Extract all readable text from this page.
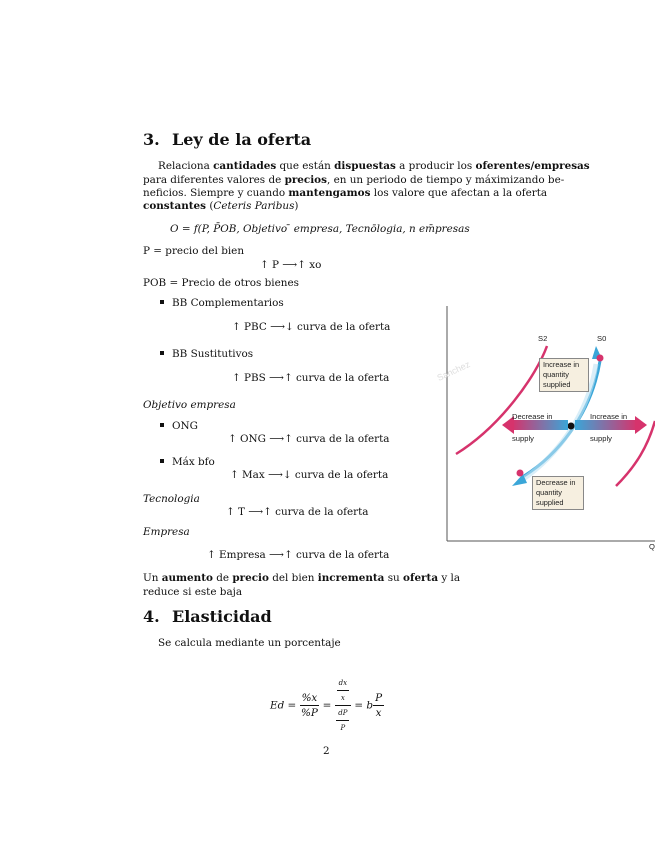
3. Ley de la oferta
Relaciona cantidades que están dispuestas a producir los oferentes/empresas
para diferentes valores de precios, en un periodo de tiempo y máximizando be-
neficios. Siempre y cuando mantengamos los valore que afectan a la oferta
constantes (Ceteris Paribus)
O = f(P, P̄OB, Objetivo ̄ empresa, Tecnōlogia, n em̄presas
P = precio del bien
↑ P ⟶↑ xo
POB = Precio de otros bienes
BB Complementarios
↑ PBC ⟶↓ curva de la oferta
BB Sustitutivos
↑ PBS ⟶↑ curva de la oferta
Objetivo empresa
ONG
↑ ONG ⟶↑ curva de la oferta
Máx bfo
↑ Max ⟶↓ curva de la oferta
Tecnologia
↑ T ⟶↑ curva de la oferta
Empresa
↑ Empresa ⟶↑ curva de la oferta
Un aumento de precio del bien incrementa su oferta y la
reduce si este baja
4. Elasticidad
Se calcula mediante un porcentaje
$Ed = \frac{\%x}{\%P} = \frac{\frac{dx}{x}}{\frac{dP}{P}} = b \frac{P}{x}$
2
S2	S0
Sanchez	Increase in quantity supplied
Decrease in quantity supplied
Decrease in
supply
Increase in
supply
Q
